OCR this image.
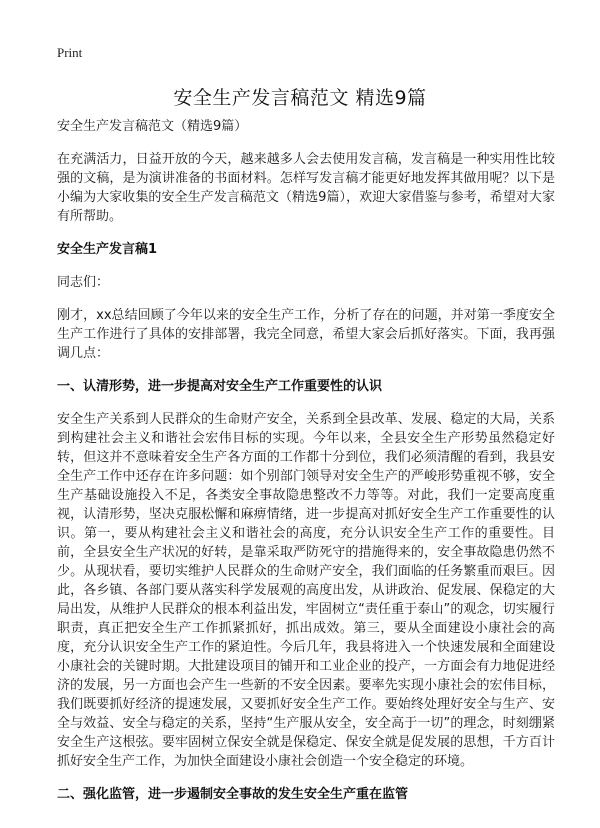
Print
安全生产发言稿范文 精选9篇
安全生产发言稿范文（精选9篇）
在充满活力，日益开放的今天，越来越多人会去使用发言稿，发言稿是一种实用性比较强的文稿，是为演讲准备的书面材料。怎样写发言稿才能更好地发挥其做用呢？以下是小编为大家收集的安全生产发言稿范文（精选9篇），欢迎大家借鉴与参考，希望对大家有所帮助。
安全生产发言稿1
同志们：
刚才，xx总结回顾了今年以来的安全生产工作，分析了存在的问题，并对第一季度安全生产工作进行了具体的安排部署，我完全同意，希望大家会后抓好落实。下面，我再强调几点：
一、认清形势，进一步提高对安全生产工作重要性的认识
安全生产关系到人民群众的生命财产安全，关系到全县改革、发展、稳定的大局，关系到构建社会主义和谐社会宏伟目标的实现。今年以来，全县安全生产形势虽然稳定好转，但这并不意味着安全生产各方面的工作都十分到位，我们必须清醒的看到，我县安全生产工作中还存在许多问题：如个别部门领导对安全生产的严峻形势重视不够，安全生产基础设施投入不足，各类安全事故隐患整改不力等等。对此，我们一定要高度重视，认清形势，坚决克服松懈和麻痹情绪，进一步提高对抓好安全生产工作重要性的认识。第一，要从构建社会主义和谐社会的高度，充分认识安全生产工作的重要性。目前，全县安全生产状况的好转，是靠采取严防死守的措施得来的，安全事故隐患仍然不少。从现状看，要切实维护人民群众的生命财产安全，我们面临的任务繁重而艰巨。因此，各乡镇、各部门要从落实科学发展观的高度出发，从讲政治、促发展、保稳定的大局出发，从维护人民群众的根本利益出发，牢固树立“责任重于泰山”的观念，切实履行职责，真正把安全生产工作抓紧抓好，抓出成效。第三，要从全面建设小康社会的高度，充分认识安全生产工作的紧迫性。今后几年，我县将进入一个快速发展和全面建设小康社会的关键时期。大批建设项目的铺开和工业企业的投产，一方面会有力地促进经济的发展，另一方面也会产生一些新的不安全因素。要率先实现小康社会的宏伟目标，我们既要抓好经济的提速发展，又要抓好安全生产工作。要始终处理好安全与生产、安全与效益、安全与稳定的关系，坚持“生产服从安全，安全高于一切”的理念，时刻绷紧安全生产这根弦。要牢固树立保安全就是保稳定、保安全就是促发展的思想，千方百计抓好安全生产工作，为加快全面建设小康社会创造一个安全稳定的环境。
二、强化监管，进一步遏制安全事故的发生安全生产重在监管
